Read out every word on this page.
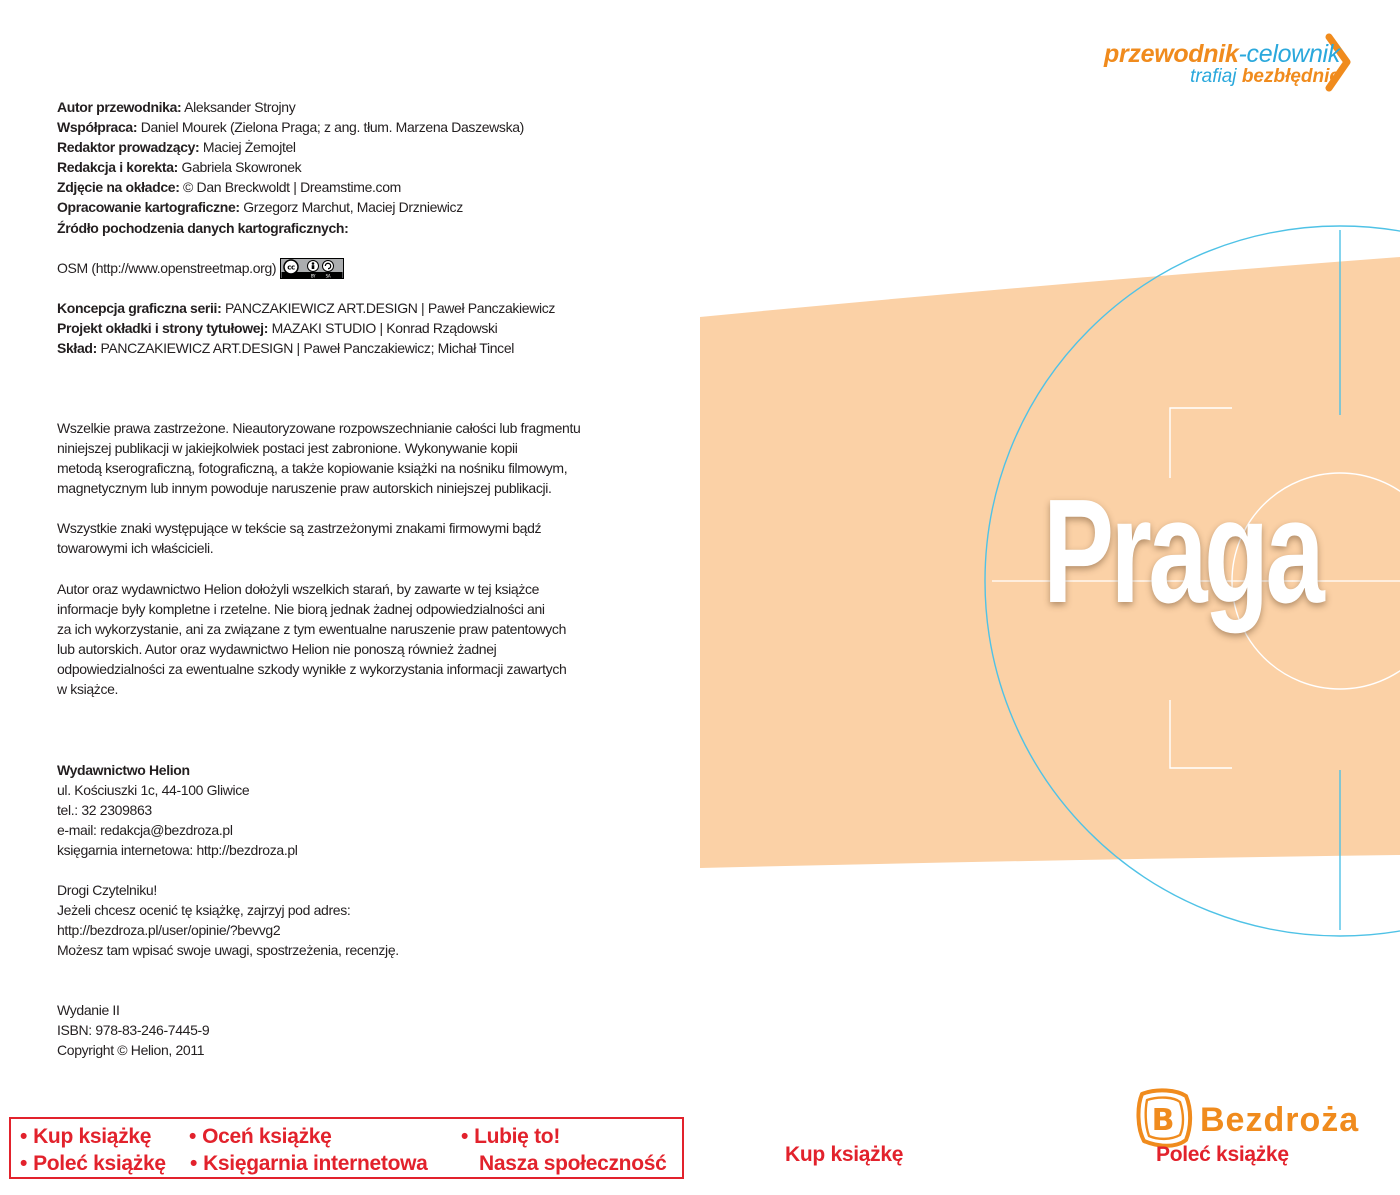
Autor przewodnika: Aleksander Strojny
Współpraca: Daniel Mourek (Zielona Praga; z ang. tłum. Marzena Daszewska)
Redaktor prowadzący: Maciej Żemojtel
Redakcja i korekta: Gabriela Skowronek
Zdjęcie na okładce: © Dan Breckwoldt | Dreamstime.com
Opracowanie kartograficzne: Grzegorz Marchut, Maciej Drzniewicz
Źródło pochodzenia danych kartograficznych:
OSM (http://www.openstreetmap.org) cc
BY	SA
Koncepcja graficzna serii: PANCZAKIEWICZ ART.DESIGN | Paweł Panczakiewicz
Projekt okładki i strony tytułowej: MAZAKI STUDIO | Konrad Rządowski
Skład: PANCZAKIEWICZ ART.DESIGN | Paweł Panczakiewicz; Michał Tincel
Wszelkie prawa zastrzeżone. Nieautoryzowane rozpowszechnianie całości lub fragmentu
niniejszej publikacji w jakiejkolwiek postaci jest zabronione. Wykonywanie kopii
metodą kserograficzną, fotograficzną, a także kopiowanie książki na nośniku filmowym,
magnetycznym lub innym powoduje naruszenie praw autorskich niniejszej publikacji.
Wszystkie znaki występujące w tekście są zastrzeżonymi znakami firmowymi bądź
towarowymi ich właścicieli.
Autor oraz wydawnictwo Helion dołożyli wszelkich starań, by zawarte w tej książce
informacje były kompletne i rzetelne. Nie biorą jednak żadnej odpowiedzialności ani
za ich wykorzystanie, ani za związane z tym ewentualne naruszenie praw patentowych
lub autorskich. Autor oraz wydawnictwo Helion nie ponoszą również żadnej
odpowiedzialności za ewentualne szkody wynikłe z wykorzystania informacji zawartych
w książce.
Wydawnictwo Helion
ul. Kościuszki 1c, 44-100 Gliwice
tel.: 32 2309863
e-mail: redakcja@bezdroza.pl
księgarnia internetowa: http://bezdroza.pl
Drogi Czytelniku!
Jeżeli chcesz ocenić tę książkę, zajrzyj pod adres:
http://bezdroza.pl/user/opinie/?bevvg2
Możesz tam wpisać swoje uwagi, spostrzeżenia, recenzję.
Wydanie II
ISBN: 978-83-246-7445-9
Copyright © Helion, 2011
• Kup książkę
• Poleć książkę
• Oceń książkę
• Księgarnia internetowa
• Lubię to!
Nasza społeczność
B
przewodnik-celownik
trafiaj bezbłędnie
Praga
Bezdroża
Kup książkę	Poleć książkę
